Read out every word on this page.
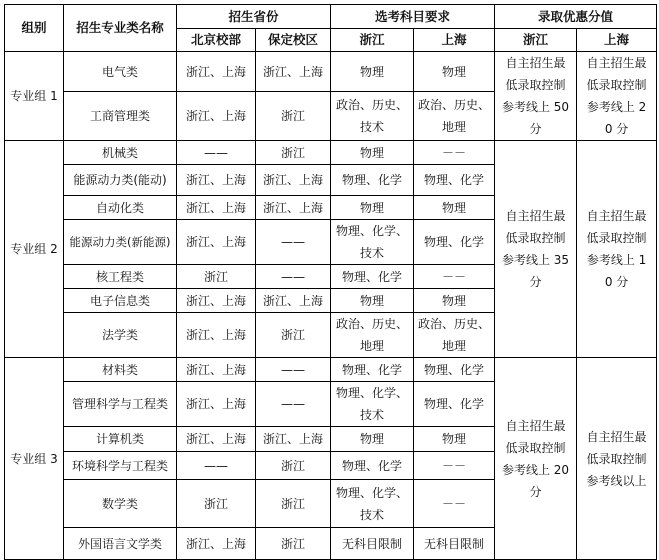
组别	招生专业类名称	招生省份		选考科目要求		录取优惠分值	
		北京校部	保定校区	浙江	上海	浙江	上海
专业组 1	电气类	浙江、上海	浙江、上海	物理	物理	自主招生最低录取控制参考线上 50 分	自主招生最低录取控制参考线上 20 分
	工商管理类	浙江、上海	浙江	政治、历史、技术	政治、历史、地理		
专业组 2	机械类	——	浙江	物理	－－	自主招生最低录取控制参考线上 35 分	自主招生最低录取控制参考线上 10 分
	能源动力类(能动)	浙江、上海	浙江、上海	物理、化学	物理、化学		
	自动化类	浙江、上海	浙江、上海	物理	物理		
	能源动力类(新能源)	浙江、上海	——	物理、化学、技术	物理、化学		
	核工程类	浙江	——	物理、化学	－－		
	电子信息类	浙江、上海	浙江、上海	物理	物理		
	法学类	浙江、上海	浙江	政治、历史、地理	政治、历史、地理		
专业组 3	材料类	浙江、上海	——	物理、化学	物理、化学	自主招生最低录取控制参考线上 20 分	自主招生最低录取控制参考线以上
	管理科学与工程类	浙江、上海	——	物理、化学、技术	物理、化学		
	计算机类	浙江、上海	浙江、上海	物理	物理		
	环境科学与工程类	——	浙江	物理、化学	－－		
	数学类	浙江	浙江	物理、化学、技术	－－		
	外国语言文学类	浙江、上海	浙江	无科目限制	无科目限制		
